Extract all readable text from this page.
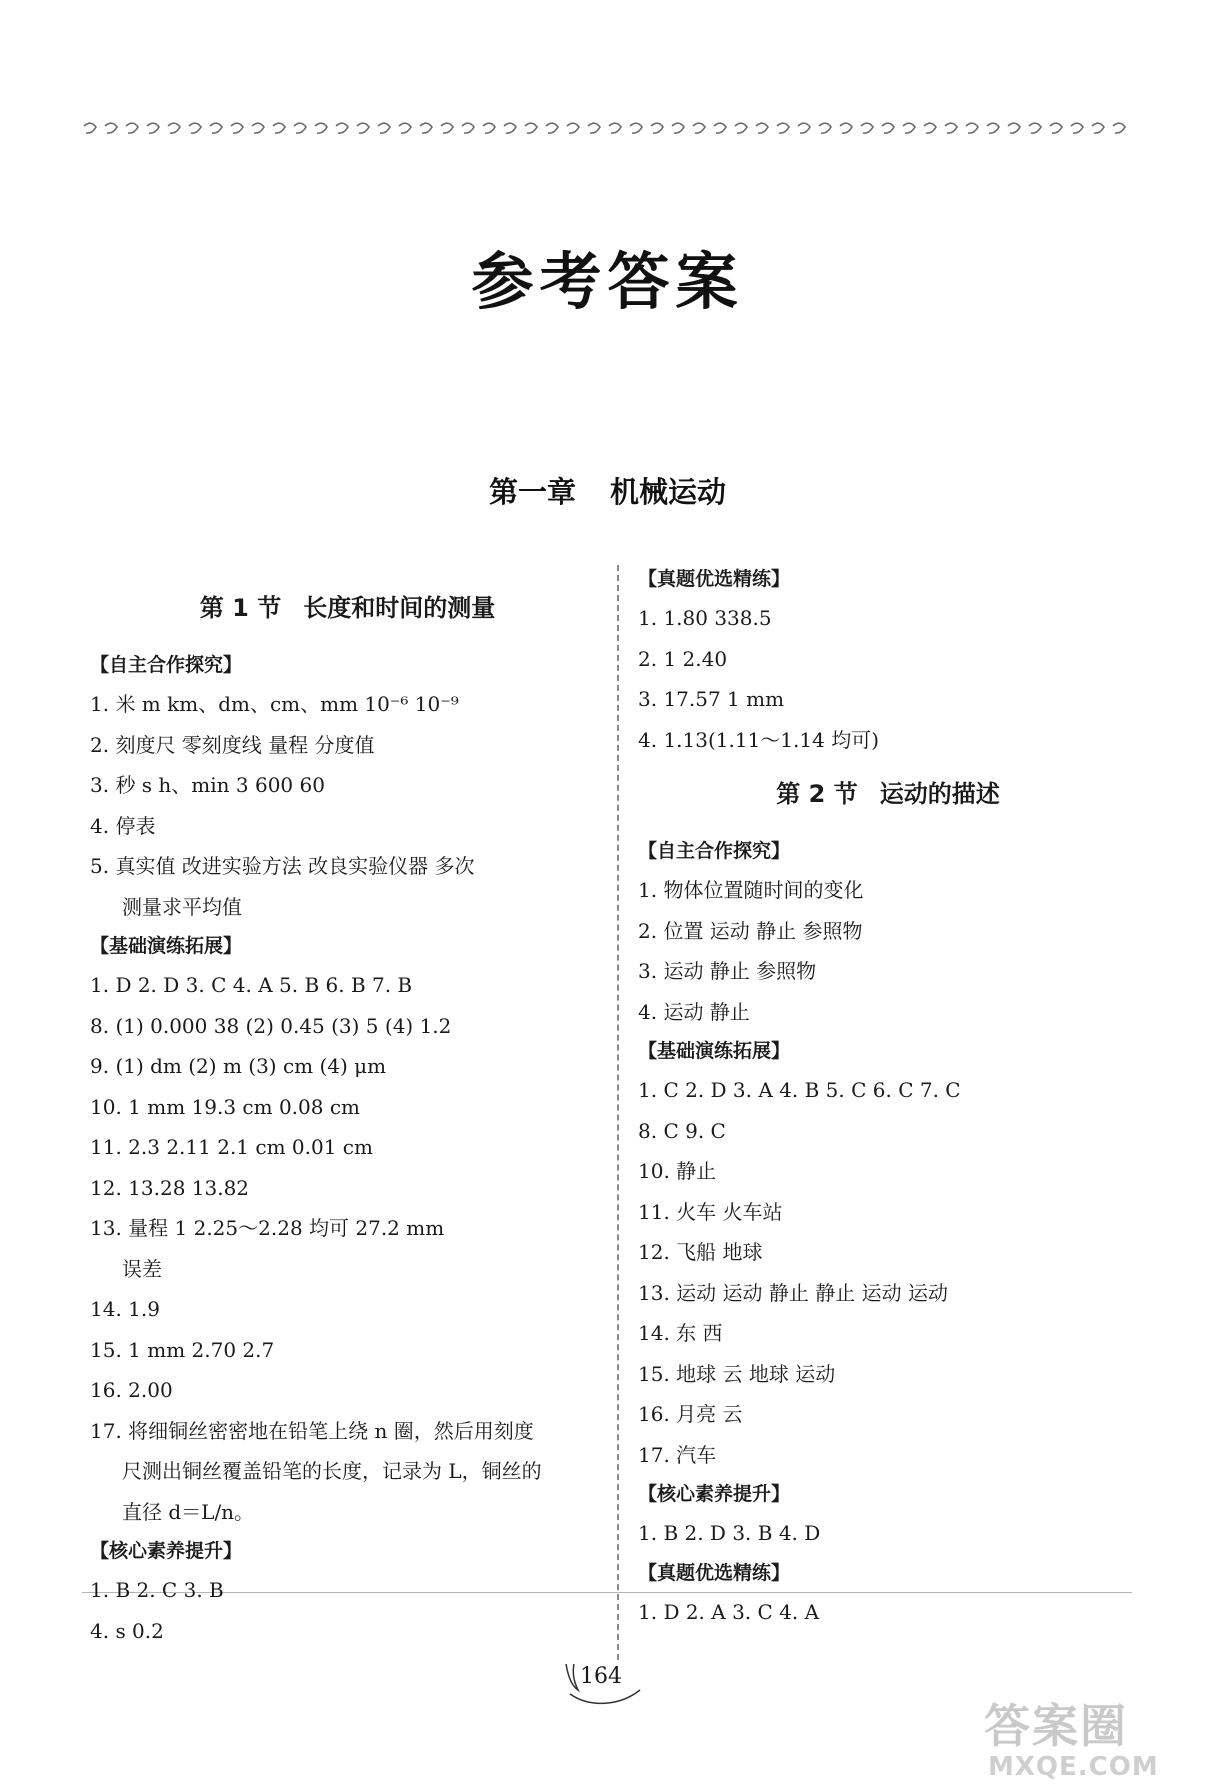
参考答案
第一章 机械运动
第 1 节 长度和时间的测量
【自主合作探究】
1. 米 m km、dm、cm、mm 10⁻⁶ 10⁻⁹
2. 刻度尺 零刻度线 量程 分度值
3. 秒 s h、min 3 600 60
4. 停表
5. 真实值 改进实验方法 改良实验仪器 多次
测量求平均值
【基础演练拓展】
1. D 2. D 3. C 4. A 5. B 6. B 7. B
8. (1) 0.000 38 (2) 0.45 (3) 5 (4) 1.2
9. (1) dm (2) m (3) cm (4) μm
10. 1 mm 19.3 cm 0.08 cm
11. 2.3 2.11 2.1 cm 0.01 cm
12. 13.28 13.82
13. 量程 1 2.25～2.28 均可 27.2 mm
误差
14. 1.9
15. 1 mm 2.70 2.7
16. 2.00
17. 将细铜丝密密地在铅笔上绕 n 圈，然后用刻度
尺测出铜丝覆盖铅笔的长度，记录为 L，铜丝的
直径 d＝L/n。
【核心素养提升】
1. B 2. C 3. B
4. s 0.2
【真题优选精练】
1. 1.80 338.5
2. 1 2.40
3. 17.57 1 mm
4. 1.13(1.11～1.14 均可)
第 2 节 运动的描述
【自主合作探究】
1. 物体位置随时间的变化
2. 位置 运动 静止 参照物
3. 运动 静止 参照物
4. 运动 静止
【基础演练拓展】
1. C 2. D 3. A 4. B 5. C 6. C 7. C
8. C 9. C
10. 静止
11. 火车 火车站
12. 飞船 地球
13. 运动 运动 静止 静止 运动 运动
14. 东 西
15. 地球 云 地球 运动
16. 月亮 云
17. 汽车
【核心素养提升】
1. B 2. D 3. B 4. D
【真题优选精练】
1. D 2. A 3. C 4. A
164
答案圈
MXQE.COM
